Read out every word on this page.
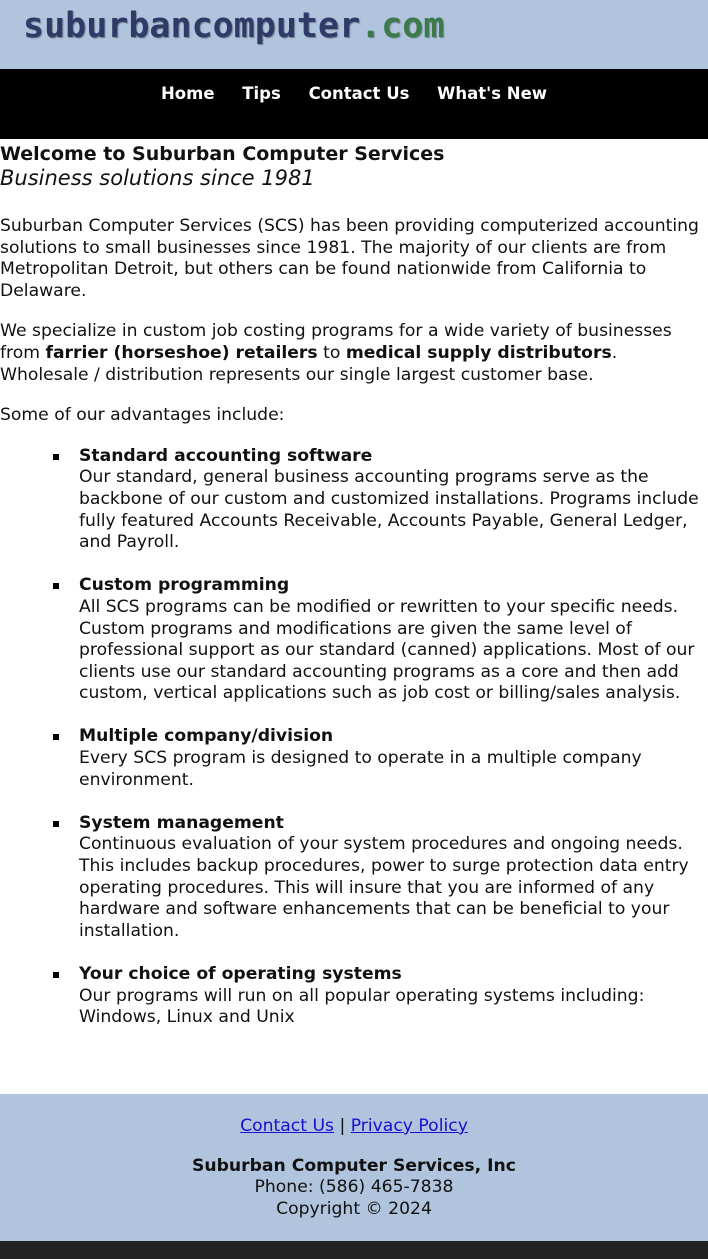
suburbancomputer.com
Home Tips Contact Us What's New
Welcome to Suburban Computer Services
Business solutions since 1981

Suburban Computer Services (SCS) has been providing computerized accounting solutions to small businesses since 1981. The majority of our clients are from Metropolitan Detroit, but others can be found nationwide from California to Delaware.

We specialize in custom job costing programs for a wide variety of businesses from farrier (horseshoe) retailers to medical supply distributors. Wholesale / distribution represents our single largest customer base.

Some of our advantages include:

Standard accounting software
Our standard, general business accounting programs serve as the backbone of our custom and customized installations. Programs include fully featured Accounts Receivable, Accounts Payable, General Ledger, and Payroll.
Custom programming
All SCS programs can be modified or rewritten to your specific needs. Custom programs and modifications are given the same level of professional support as our standard (canned) applications. Most of our clients use our standard accounting programs as a core and then add custom, vertical applications such as job cost or billing/sales analysis.
Multiple company/division
Every SCS program is designed to operate in a multiple company environment.
System management
Continuous evaluation of your system procedures and ongoing needs. This includes backup procedures, power to surge protection data entry operating procedures. This will insure that you are informed of any hardware and software enhancements that can be beneficial to your installation.
Your choice of operating systems
Our programs will run on all popular operating systems including: Windows, Linux and Unix
Contact Us | Privacy Policy
Suburban Computer Services, Inc
Phone: (586) 465-7838
Copyright © 2024
